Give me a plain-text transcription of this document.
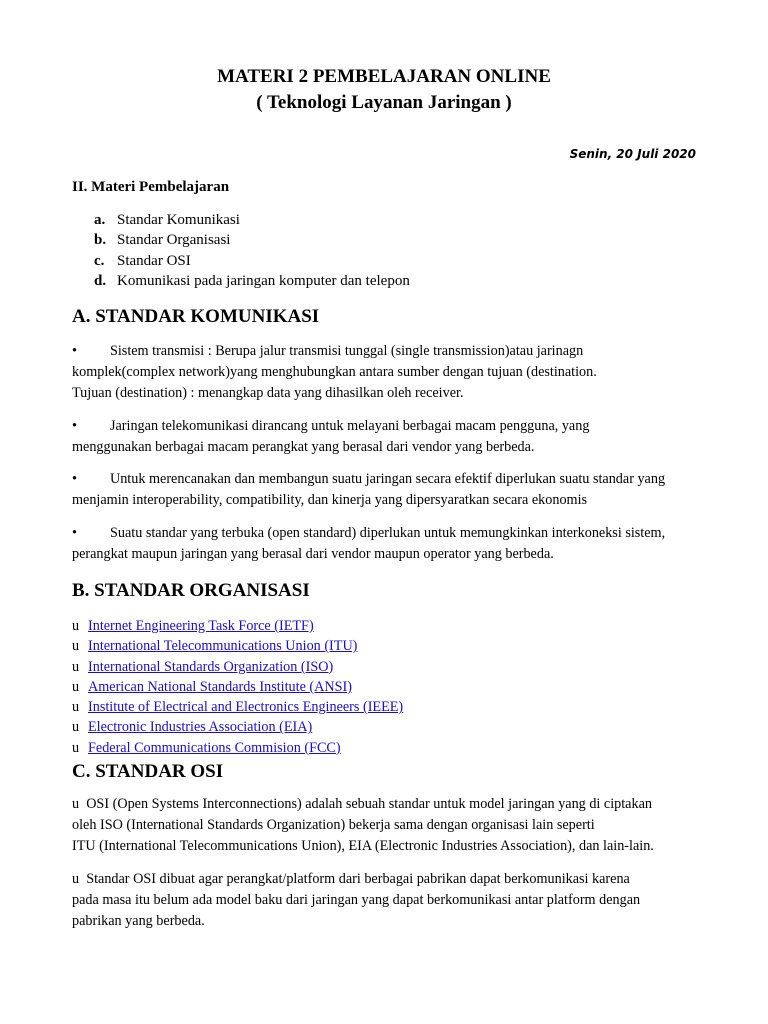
MATERI 2 PEMBELAJARAN ONLINE
( Teknologi Layanan Jaringan )
Senin, 20 Juli 2020
II. Materi Pembelajaran
a. Standar Komunikasi
b. Standar Organisasi
c. Standar OSI
d. Komunikasi pada jaringan komputer dan telepon
A. STANDAR KOMUNIKASI

• Sistem transmisi : Berupa jalur transmisi tunggal (single transmission)atau jarinagn
komplek(complex network)yang menghubungkan antara sumber dengan tujuan (destination.
Tujuan (destination) : menangkap data yang dihasilkan oleh receiver.

• Jaringan telekomunikasi dirancang untuk melayani berbagai macam pengguna, yang
menggunakan berbagai macam perangkat yang berasal dari vendor yang berbeda.

• Untuk merencanakan dan membangun suatu jaringan secara efektif diperlukan suatu standar yang
menjamin interoperability, compatibility, dan kinerja yang dipersyaratkan secara ekonomis

• Suatu standar yang terbuka (open standard) diperlukan untuk memungkinkan interkoneksi sistem,
perangkat maupun jaringan yang berasal dari vendor maupun operator yang berbeda.

B. STANDAR ORGANISASI
u Internet Engineering Task Force (IETF)
u International Telecommunications Union (ITU)
u International Standards Organization (ISO)
u American National Standards Institute (ANSI)
u Institute of Electrical and Electronics Engineers (IEEE)
u Electronic Industries Association (EIA)
u Federal Communications Commision (FCC)
C. STANDAR OSI

u OSI (Open Systems Interconnections) adalah sebuah standar untuk model jaringan yang di ciptakan
oleh ISO (International Standards Organization) bekerja sama dengan organisasi lain seperti
ITU (International Telecommunications Union), EIA (Electronic Industries Association), dan lain-lain.

u Standar OSI dibuat agar perangkat/platform dari berbagai pabrikan dapat berkomunikasi karena
pada masa itu belum ada model baku dari jaringan yang dapat berkomunikasi antar platform dengan
pabrikan yang berbeda.
